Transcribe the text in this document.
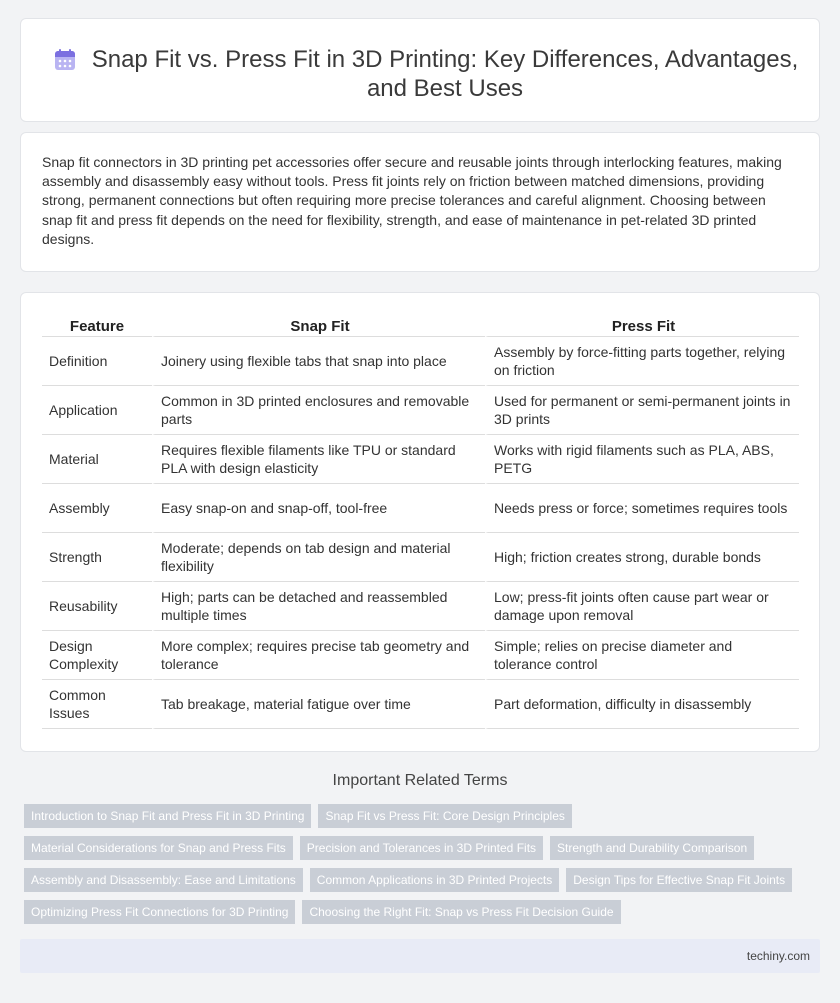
Snap Fit vs. Press Fit in 3D Printing: Key Differences, Advantages, and Best Uses

Snap fit connectors in 3D printing pet accessories offer secure and reusable joints through interlocking features, making assembly and disassembly easy without tools. Press fit joints rely on friction between matched dimensions, providing strong, permanent connections but often requiring more precise tolerances and careful alignment. Choosing between snap fit and press fit depends on the need for flexibility, strength, and ease of maintenance in pet-related 3D printed designs.

Feature	Snap Fit	Press Fit
Definition	Joinery using flexible tabs that snap into place	Assembly by force-fitting parts together, relying on friction
Application	Common in 3D printed enclosures and removable parts	Used for permanent or semi-permanent joints in 3D prints
Material	Requires flexible filaments like TPU or standard PLA with design elasticity	Works with rigid filaments such as PLA, ABS, PETG
Assembly	Easy snap-on and snap-off, tool-free	Needs press or force; sometimes requires tools
Strength	Moderate; depends on tab design and material flexibility	High; friction creates strong, durable bonds
Reusability	High; parts can be detached and reassembled multiple times	Low; press-fit joints often cause part wear or damage upon removal
Design Complexity	More complex; requires precise tab geometry and tolerance	Simple; relies on precise diameter and tolerance control
Common Issues	Tab breakage, material fatigue over time	Part deformation, difficulty in disassembly
Important Related Terms
Introduction to Snap Fit and Press Fit in 3D Printing	Snap Fit vs Press Fit: Core Design Principles
Material Considerations for Snap and Press Fits	Precision and Tolerances in 3D Printed Fits	Strength and Durability Comparison
Assembly and Disassembly: Ease and Limitations	Common Applications in 3D Printed Projects	Design Tips for Effective Snap Fit Joints
Optimizing Press Fit Connections for 3D Printing	Choosing the Right Fit: Snap vs Press Fit Decision Guide
techiny.com
